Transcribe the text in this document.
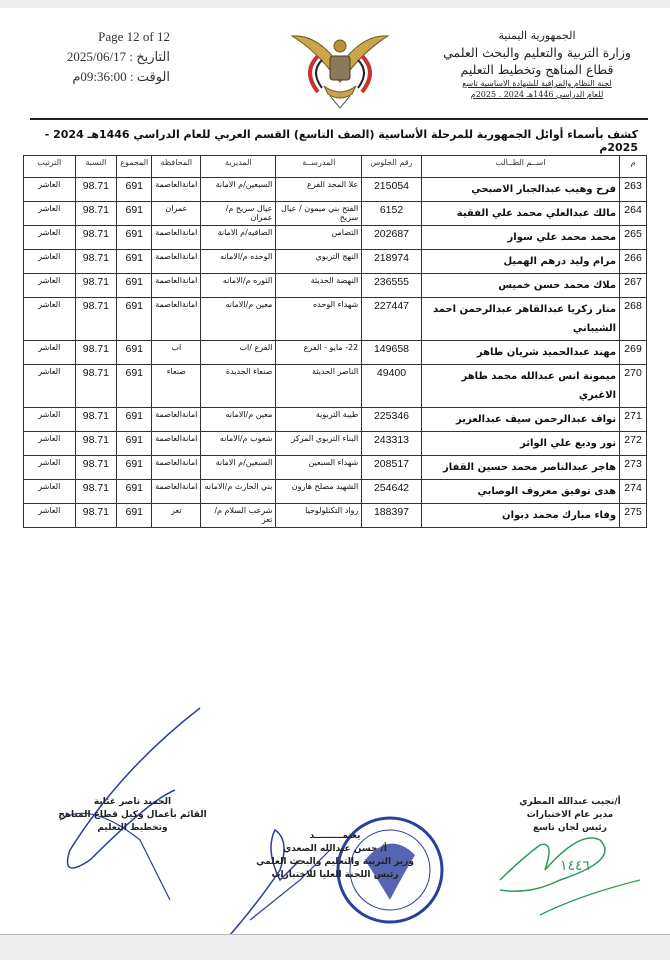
Page 12 of 12
التاريخ : 2025/06/17
الوقت : 09:36:00م
الجمهورية اليمنية
وزارة التربية والتعليم والبحث العلمي
قطاع المناهج وتخطيط التعليم
لجنة النظام والمراقبة للشهادة الاساسية تاسع
للعام الدراسي 1446هـ 2024 . 2025م
كشف بأسماء أوائل الجمهورية للمرحلة الأساسية (الصف التاسع) القسم العربي للعام الدراسي 1446هـ 2024 - 2025م
م	اســم الطــالب	رقم الجلوس	المدرســة	المديرية	المحافظة	المجموع	النسبة	الترتيب
263	فرح وهيب عبدالجبار الاصبحي	215054	علا المجد الفرع	السبعين/م الامانة	امانةالعاصمة	691	98.71	العاشر
264	مالك عبدالعلي محمد علي الفقية	6152	الفتح بني ميمون / عيال سريح	عيال سريح م/عمران	عمران	691	98.71	العاشر
265	محمد محمد علي سوار	202687	التضامن	الصافيه/م الامانة	امانةالعاصمة	691	98.71	العاشر
266	مرام وليد درهم الهميل	218974	النهج التربوي	الوحده م/الامانه	امانةالعاصمة	691	98.71	العاشر
267	ملاك محمد حسن خميس	236555	النهضة الحديثة	الثوره م/الامانه	امانةالعاصمة	691	98.71	العاشر
268	منار زكريا عبدالقاهر عبدالرحمن احمد الشيباني	227447	شهداء الوحده	معين م/الامانه	امانةالعاصمة	691	98.71	العاشر
269	مهند عبدالحميد شريان طاهر	149658	22- مايو - الفرع	الفرع /اب	اب	691	98.71	العاشر
270	ميمونة انس عبدالله محمد طاهر الاغبري	49400	الناصر الحديثة	صنعاء الجديدة	صنعاء	691	98.71	العاشر
271	نواف عبدالرحمن سيف عبدالعزيز	225346	طيبة التربوية	معين م/الامانه	امانةالعاصمة	691	98.71	العاشر
272	نور وديع علي الواثر	243313	البناء التربوي المركز	شعوب م/الامانه	امانةالعاصمة	691	98.71	العاشر
273	هاجر عبدالناصر محمد حسين القفاز	208517	شهداء السبعين	السبعين/م الامانة	امانةالعاصمة	691	98.71	العاشر
274	هدى توفيق معروف الوصابي	254642	الشهيد مصلح هارون	بني الحارث م/الامانه	امانةالعاصمة	691	98.71	العاشر
275	وفاء مبارك محمد دبوان	188397	رواد التكنلولوجيا	شرعب السلام م/تعز	تعز	691	98.71	العاشر
١٤٤٦
أ/نجيب عبدالله المطري
مدير عام الاختبارات
رئيس لجان تاسع
يعتمـــــــــد
أ/ حسن عبدالله الصعدي
وزير التربية والتعليم والبحث العلمي
رئيس اللجنة العليا للاختبارات
الحميد ناصر غثاية
القائم بأعمال وكيل قطاع المناهج
وتخطيط التعليم
